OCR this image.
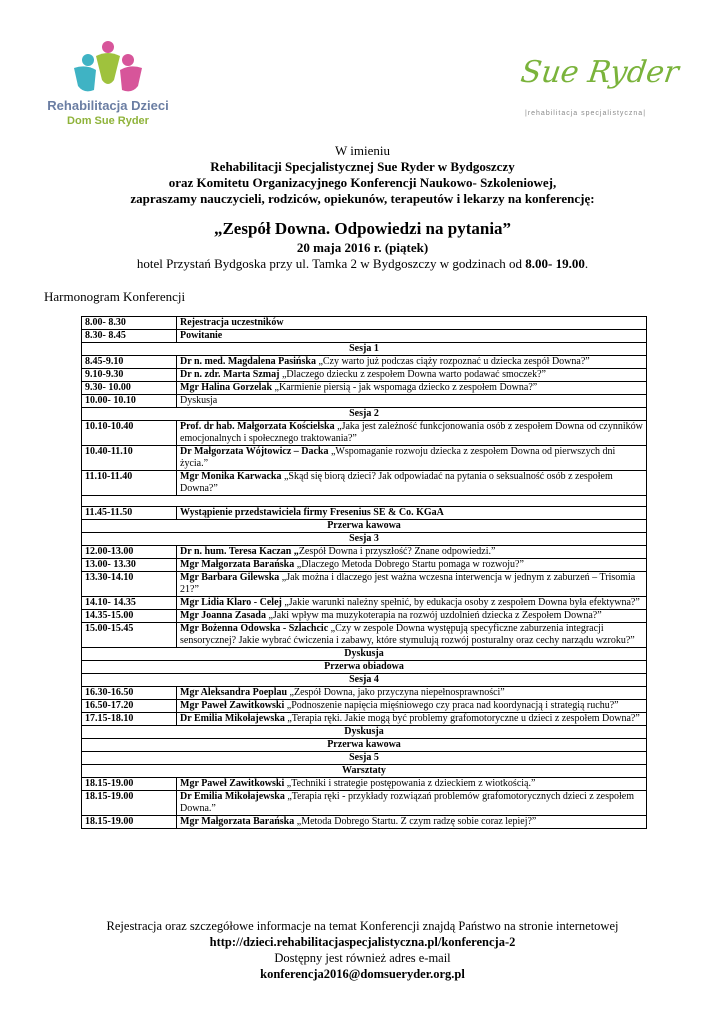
Rehabilitacja Dzieci
Dom Sue Ryder
Sue Ryder
|rehabilitacja specjalistyczna|
W imieniu
Rehabilitacji Specjalistycznej Sue Ryder w Bydgoszczy
oraz Komitetu Organizacyjnego Konferencji Naukowo- Szkoleniowej,
zapraszamy nauczycieli, rodziców, opiekunów, terapeutów i lekarzy na konferencję:
„Zespół Downa. Odpowiedzi na pytania”
20 maja 2016 r. (piątek)
hotel Przystań Bydgoska przy ul. Tamka 2 w Bydgoszczy w godzinach od 8.00- 19.00.
Harmonogram Konferencji
8.00- 8.30	Rejestracja uczestników
8.30- 8.45	Powitanie
Sesja 1	
8.45-9.10	Dr n. med. Magdalena Pasińska „Czy warto już podczas ciąży rozpoznać u dziecka zespół Downa?”
9.10-9.30	Dr n. zdr. Marta Szmaj „Dlaczego dziecku z zespołem Downa warto podawać smoczek?”
9.30- 10.00	Mgr Halina Gorzelak „Karmienie piersią - jak wspomaga dziecko z zespołem Downa?”
10.00- 10.10	Dyskusja
Sesja 2	
10.10-10.40	Prof. dr hab. Małgorzata Kościelska „Jaka jest zależność funkcjonowania osób z zespołem Downa od czynników emocjonalnych i społecznego traktowania?”
10.40-11.10	Dr Małgorzata Wójtowicz – Dacka „Wspomaganie rozwoju dziecka z zespołem Downa od pierwszych dni życia.”
11.10-11.40	Mgr Monika Karwacka „Skąd się biorą dzieci? Jak odpowiadać na pytania o seksualność osób z zespołem Downa?”

11.45-11.50	Wystąpienie przedstawiciela firmy Fresenius SE & Co. KGaA
Przerwa kawowa	
Sesja 3	
12.00-13.00	Dr n. hum. Teresa Kaczan „Zespół Downa i przyszłość? Znane odpowiedzi.”
13.00- 13.30	Mgr Małgorzata Barańska „Dlaczego Metoda Dobrego Startu pomaga w rozwoju?”
13.30-14.10	Mgr Barbara Gilewska „Jak można i dlaczego jest ważna wczesna interwencja w jednym z zaburzeń – Trisomia 21?”
14.10- 14.35	Mgr Lidia Klaro - Celej „Jakie warunki należny spełnić, by edukacja osoby z zespołem Downa była efektywna?”
14.35-15.00	Mgr Joanna Zasada „Jaki wpływ ma muzykoterapia na rozwój uzdolnień dziecka z Zespołem Downa?”
15.00-15.45	Mgr Bożenna Odowska - Szlachcic „Czy w zespole Downa występują specyficzne zaburzenia integracji sensorycznej? Jakie wybrać ćwiczenia i zabawy, które stymulują rozwój posturalny oraz cechy narządu wzroku?”
Dyskusja	
Przerwa obiadowa	
Sesja 4	
16.30-16.50	Mgr Aleksandra Poeplau „Zespół Downa, jako przyczyna niepełnosprawności”
16.50-17.20	Mgr Paweł Zawitkowski „Podnoszenie napięcia mięśniowego czy praca nad koordynacją i strategią ruchu?”
17.15-18.10	Dr Emilia Mikołajewska „Terapia ręki. Jakie mogą być problemy grafomotoryczne u dzieci z zespołem Downa?”
Dyskusja	
Przerwa kawowa	
Sesja 5	
Warsztaty	
18.15-19.00	Mgr Paweł Zawitkowski „Techniki i strategie postępowania z dzieckiem z wiotkością.”
18.15-19.00	Dr Emilia Mikołajewska „Terapia ręki - przykłady rozwiązań problemów grafomotorycznych dzieci z zespołem Downa.”
18.15-19.00	Mgr Małgorzata Barańska „Metoda Dobrego Startu. Z czym radzę sobie coraz lepiej?”
Rejestracja oraz szczegółowe informacje na temat Konferencji znajdą Państwo na stronie internetowej
http://dzieci.rehabilitacjaspecjalistyczna.pl/konferencja-2
Dostępny jest również adres e-mail
konferencja2016@domsueryder.org.pl
